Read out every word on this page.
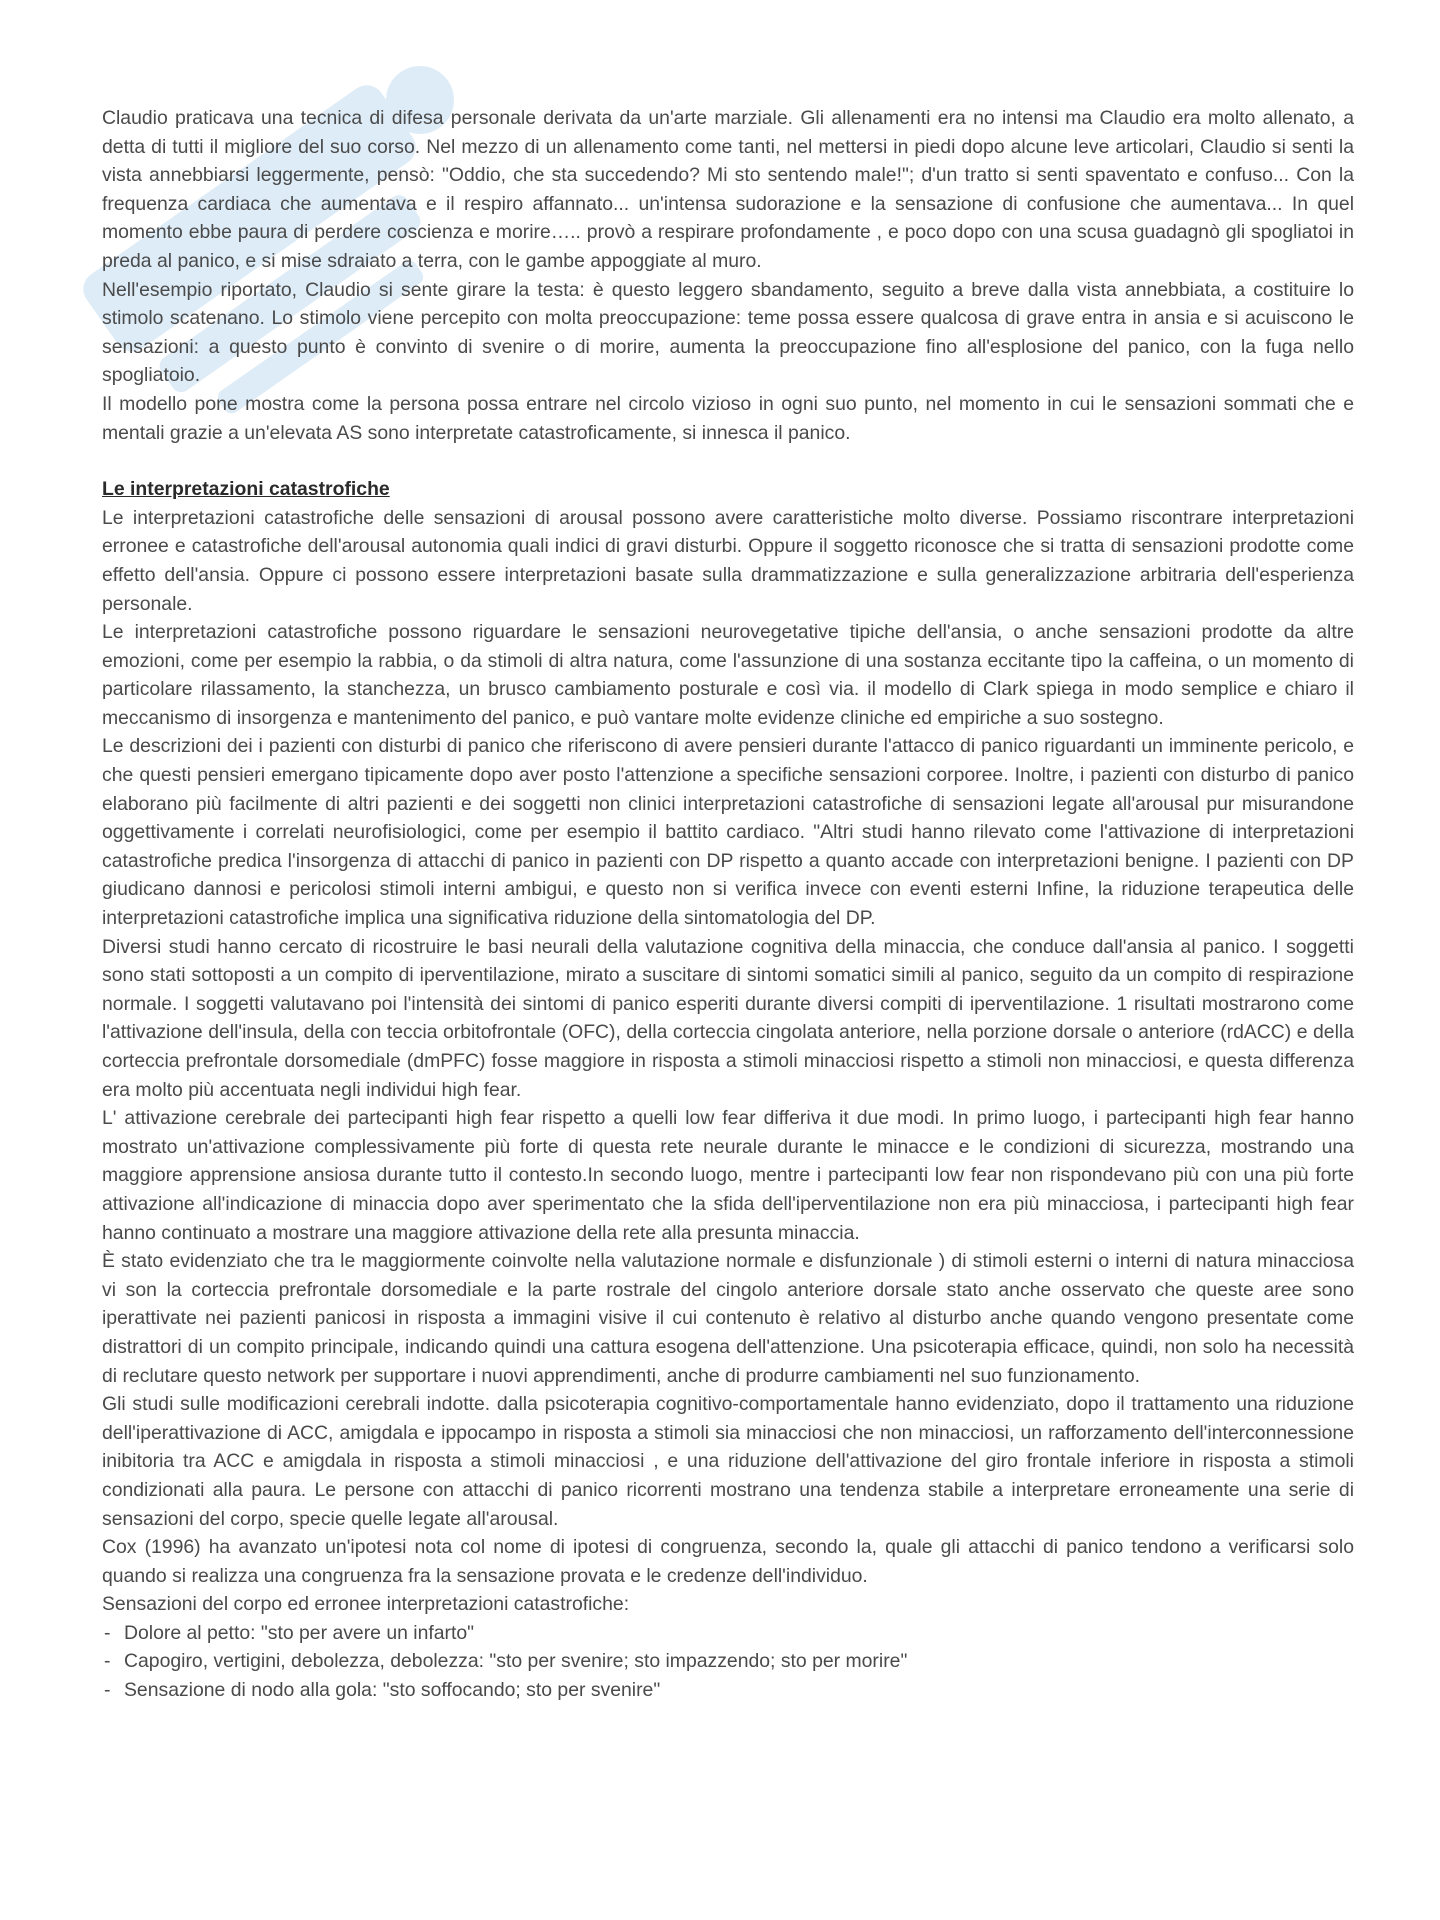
Claudio praticava una tecnica di difesa personale derivata da un'arte marziale. Gli allenamenti era no intensi ma Claudio era molto allenato, a detta di tutti il migliore del suo corso. Nel mezzo di un allenamento come tanti, nel mettersi in piedi dopo alcune leve articolari, Claudio si senti la vista annebbiarsi leggermente, pensò: "Oddio, che sta succedendo? Mi sto sentendo male!"; d'un tratto si senti spaventato e confuso... Con la frequenza cardiaca che aumentava e il respiro affannato... un'intensa sudorazione e la sensazione di confusione che aumentava... In quel momento ebbe paura di perdere coscienza e morire….. provò a respirare profondamente , e poco dopo con una scusa guadagnò gli spogliatoi in preda al panico, e si mise sdraiato a terra, con le gambe appoggiate al muro.

Nell'esempio riportato, Claudio si sente girare la testa: è questo leggero sbandamento, seguito a breve dalla vista annebbiata, a costituire lo stimolo scatenano. Lo stimolo viene percepito con molta preoccupazione: teme possa essere qualcosa di grave entra in ansia e si acuiscono le sensazioni: a questo punto è convinto di svenire o di morire, aumenta la preoccupazione fino all'esplosione del panico, con la fuga nello spogliatoio.

Il modello pone mostra come la persona possa entrare nel circolo vizioso in ogni suo punto, nel momento in cui le sensazioni sommati che e mentali grazie a un'elevata AS sono interpretate catastroficamente, si innesca il panico.

Le interpretazioni catastrofiche

Le interpretazioni catastrofiche delle sensazioni di arousal possono avere caratteristiche molto diverse. Possiamo riscontrare interpretazioni erronee e catastrofiche dell'arousal autonomia quali indici di gravi disturbi. Oppure il soggetto riconosce che si tratta di sensazioni prodotte come effetto dell'ansia. Oppure ci possono essere interpretazioni basate sulla drammatizzazione e sulla generalizzazione arbitraria dell'esperienza personale.

Le interpretazioni catastrofiche possono riguardare le sensazioni neurovegetative tipiche dell'ansia, o anche sensazioni prodotte da altre emozioni, come per esempio la rabbia, o da stimoli di altra natura, come l'assunzione di una sostanza eccitante tipo la caffeina, o un momento di particolare rilassamento, la stanchezza, un brusco cambiamento posturale e così via. il modello di Clark spiega in modo semplice e chiaro il meccanismo di insorgenza e mantenimento del panico, e può vantare molte evidenze cliniche ed empiriche a suo sostegno.

Le descrizioni dei i pazienti con disturbi di panico che riferiscono di avere pensieri durante l'attacco di panico riguardanti un imminente pericolo, e che questi pensieri emergano tipicamente dopo aver posto l'attenzione a specifiche sensazioni corporee. Inoltre, i pazienti con disturbo di panico elaborano più facilmente di altri pazienti e dei soggetti non clinici interpretazioni catastrofiche di sensazioni legate all'arousal pur misurandone oggettivamente i correlati neurofisiologici, come per esempio il battito cardiaco. "Altri studi hanno rilevato come l'attivazione di interpretazioni catastrofiche predica l'insorgenza di attacchi di panico in pazienti con DP rispetto a quanto accade con interpretazioni benigne. I pazienti con DP giudicano dannosi e pericolosi stimoli interni ambigui, e questo non si verifica invece con eventi esterni Infine, la riduzione terapeutica delle interpretazioni catastrofiche implica una significativa riduzione della sintomatologia del DP.

Diversi studi hanno cercato di ricostruire le basi neurali della valutazione cognitiva della minaccia, che conduce dall'ansia al panico. I soggetti sono stati sottoposti a un compito di iperventilazione, mirato a suscitare di sintomi somatici simili al panico, seguito da un compito di respirazione normale. I soggetti valutavano poi l'intensità dei sintomi di panico esperiti durante diversi compiti di iperventilazione. 1 risultati mostrarono come l'attivazione dell'insula, della con teccia orbitofrontale (OFC), della corteccia cingolata anteriore, nella porzione dorsale o anteriore (rdACC) e della corteccia prefrontale dorsomediale (dmPFC) fosse maggiore in risposta a stimoli minacciosi rispetto a stimoli non minacciosi, e questa differenza era molto più accentuata negli individui high fear.

L' attivazione cerebrale dei partecipanti high fear rispetto a quelli low fear differiva it due modi. In primo luogo, i partecipanti high fear hanno mostrato un'attivazione complessivamente più forte di questa rete neurale durante le minacce e le condizioni di sicurezza, mostrando una maggiore apprensione ansiosa durante tutto il contesto.In secondo luogo, mentre i partecipanti low fear non rispondevano più con una più forte attivazione all'indicazione di minaccia dopo aver sperimentato che la sfida dell'iperventilazione non era più minacciosa, i partecipanti high fear hanno continuato a mostrare una maggiore attivazione della rete alla presunta minaccia.

È stato evidenziato che tra le maggiormente coinvolte nella valutazione normale e disfunzionale ) di stimoli esterni o interni di natura minacciosa vi son la corteccia prefrontale dorsomediale e la parte rostrale del cingolo anteriore dorsale stato anche osservato che queste aree sono iperattivate nei pazienti panicosi in risposta a immagini visive il cui contenuto è relativo al disturbo anche quando vengono presentate come distrattori di un compito principale, indicando quindi una cattura esogena dell'attenzione. Una psicoterapia efficace, quindi, non solo ha necessità di reclutare questo network per supportare i nuovi apprendimenti, anche di produrre cambiamenti nel suo funzionamento.

Gli studi sulle modificazioni cerebrali indotte. dalla psicoterapia cognitivo-comportamentale hanno evidenziato, dopo il trattamento una riduzione dell'iperattivazione di ACC, amigdala e ippocampo in risposta a stimoli sia minacciosi che non minacciosi, un rafforzamento dell'interconnessione inibitoria tra ACC e amigdala in risposta a stimoli minacciosi , e una riduzione dell'attivazione del giro frontale inferiore in risposta a stimoli condizionati alla paura. Le persone con attacchi di panico ricorrenti mostrano una tendenza stabile a interpretare erroneamente una serie di sensazioni del corpo, specie quelle legate all'arousal.

Cox (1996) ha avanzato un'ipotesi nota col nome di ipotesi di congruenza, secondo la, quale gli attacchi di panico tendono a verificarsi solo quando si realizza una congruenza fra la sensazione provata e le credenze dell'individuo.

Sensazioni del corpo ed erronee interpretazioni catastrofiche:

- Dolore al petto: "sto per avere un infarto"
- Capogiro, vertigini, debolezza, debolezza: "sto per svenire; sto impazzendo; sto per morire"
- Sensazione di nodo alla gola: "sto soffocando; sto per svenire"
